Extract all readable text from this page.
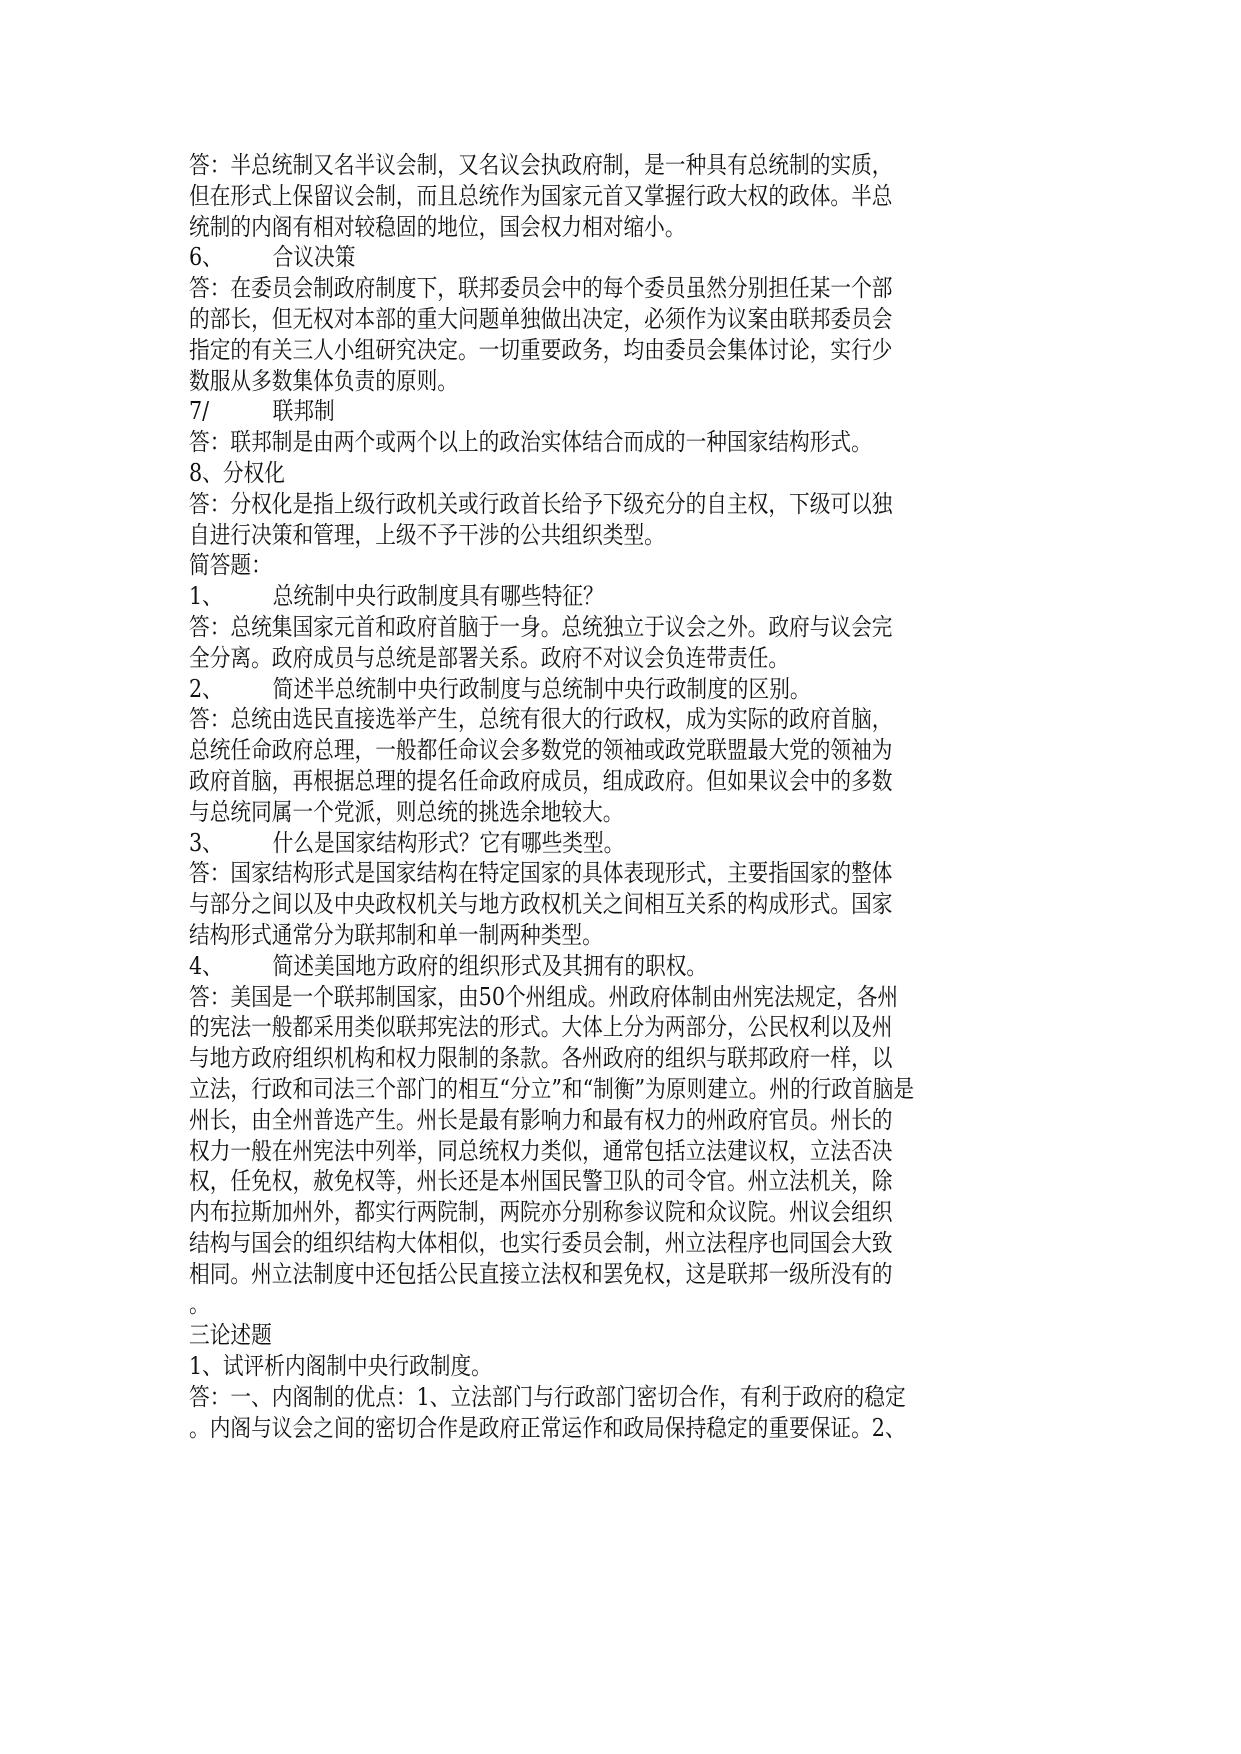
答：半总统制又名半议会制，又名议会执政府制，是一种具有总统制的实质，
但在形式上保留议会制，而且总统作为国家元首又掌握行政大权的政体。半总
统制的内阁有相对较稳固的地位，国会权力相对缩小。
6、 合议决策
答：在委员会制政府制度下，联邦委员会中的每个委员虽然分别担任某一个部
的部长，但无权对本部的重大问题单独做出决定，必须作为议案由联邦委员会
指定的有关三人小组研究决定。一切重要政务，均由委员会集体讨论，实行少
数服从多数集体负责的原则。
7/	联邦制
答：联邦制是由两个或两个以上的政治实体结合而成的一种国家结构形式。
8、分权化
答：分权化是指上级行政机关或行政首长给予下级充分的自主权，下级可以独
自进行决策和管理，上级不予干涉的公共组织类型。
简答题：
1、 总统制中央行政制度具有哪些特征？
答：总统集国家元首和政府首脑于一身。总统独立于议会之外。政府与议会完
全分离。政府成员与总统是部署关系。政府不对议会负连带责任。
2、 简述半总统制中央行政制度与总统制中央行政制度的区别。
答：总统由选民直接选举产生，总统有很大的行政权，成为实际的政府首脑，
总统任命政府总理，一般都任命议会多数党的领袖或政党联盟最大党的领袖为
政府首脑，再根据总理的提名任命政府成员，组成政府。但如果议会中的多数
与总统同属一个党派，则总统的挑选余地较大。
3、 什么是国家结构形式？它有哪些类型。
答：国家结构形式是国家结构在特定国家的具体表现形式，主要指国家的整体
与部分之间以及中央政权机关与地方政权机关之间相互关系的构成形式。国家
结构形式通常分为联邦制和单一制两种类型。
4、 简述美国地方政府的组织形式及其拥有的职权。
答：美国是一个联邦制国家，由50个州组成。州政府体制由州宪法规定，各州
的宪法一般都采用类似联邦宪法的形式。大体上分为两部分，公民权利以及州
与地方政府组织机构和权力限制的条款。各州政府的组织与联邦政府一样，以
立法，行政和司法三个部门的相互“分立”和“制衡”为原则建立。州的行政首脑是
州长，由全州普选产生。州长是最有影响力和最有权力的州政府官员。州长的
权力一般在州宪法中列举，同总统权力类似，通常包括立法建议权，立法否决
权，任免权，赦免权等，州长还是本州国民警卫队的司令官。州立法机关，除
内布拉斯加州外，都实行两院制，两院亦分别称参议院和众议院。州议会组织
结构与国会的组织结构大体相似，也实行委员会制，州立法程序也同国会大致
相同。州立法制度中还包括公民直接立法权和罢免权，这是联邦一级所没有的
。
三论述题
1、试评析内阁制中央行政制度。
答：一、内阁制的优点：1、立法部门与行政部门密切合作，有利于政府的稳定
。内阁与议会之间的密切合作是政府正常运作和政局保持稳定的重要保证。2、
